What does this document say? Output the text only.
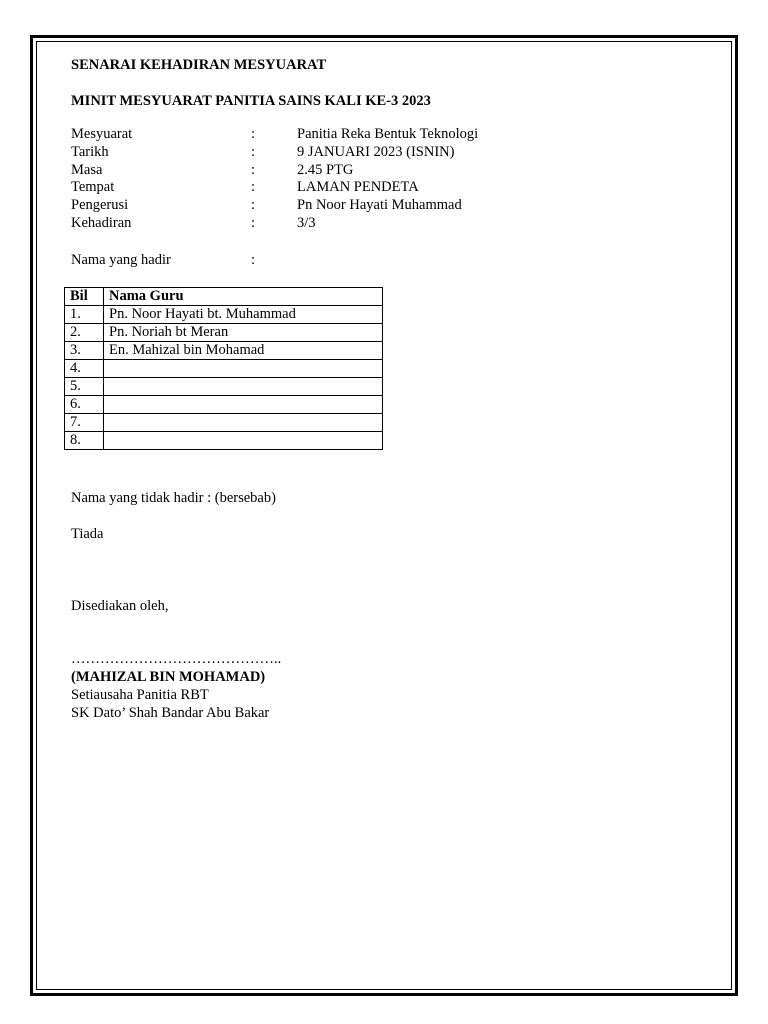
SENARAI KEHADIRAN MESYUARAT

MINIT MESYUARAT PANITIA SAINS KALI KE-3 2023

Mesyuarat	:	Panitia Reka Bentuk Teknologi
Tarikh	:	9 JANUARI 2023 (ISNIN)
Masa	:	2.45 PTG
Tempat	:	LAMAN PENDETA
Pengerusi	:	Pn Noor Hayati Muhammad
Kehadiran	:	3/3
Nama yang hadir	:
Bil	Nama Guru
1.	Pn. Noor Hayati bt. Muhammad
2.	Pn. Noriah bt Meran
3.	En. Mahizal bin Mohamad
4.	
5.	
6.	
7.	
8.	
Nama yang tidak hadir : (bersebab)
Tiada
Disediakan oleh,
……………………………………..
(MAHIZAL BIN MOHAMAD)
Setiausaha Panitia RBT
SK Dato’ Shah Bandar Abu Bakar
